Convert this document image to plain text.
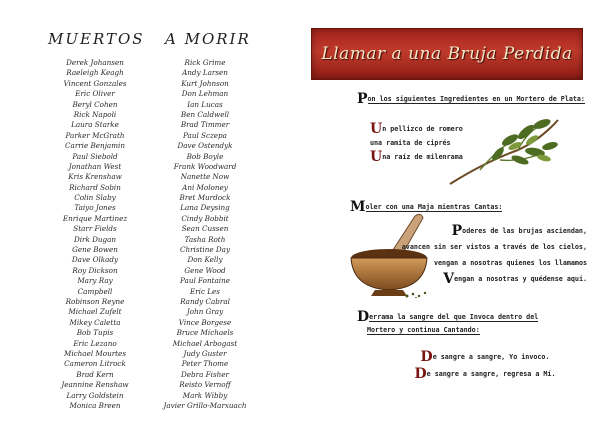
MUERTOS A MORIR
Derek Johansen
Raeleigh Keagh
Vincent Gonzales
Eric Oliver
Beryl Cohen
Rick Napoli
Laura Starke
Parker McGrath
Carrie Benjamin
Paul Siebold
Jonathan West
Kris Krenshaw
Richard Sobin
Colin Slaby
Taiyo Jones
Enrique Martinez
Starr Fields
Dirk Dugan
Gene Bowen
Dave Olkady
Roy Dickson
Mary Ray
Campbell
Robinson Reyne
Michael Zufelt
Mikey Caletta
Bob Tupis
Eric Lezano
Michael Mourtes
Cameron Litrock
Brad Kern
Jeannine Renshaw
Larry Goldstein
Monica Breen
Rick Grime
Andy Larsen
Kurt Johnson
Don Lehman
Ian Lucas
Ben Caldwell
Brad Timmer
Paul Sczepa
Dave Ostendyk
Bob Boyle
Frank Woodward
Nanette Now
Ani Moloney
Bret Murdock
Lana Deysing
Cindy Bobbit
Sean Cussen
Tasha Roth
Christine Day
Don Kelly
Gene Wood
Paul Fontaine
Eric Les
Randy Cabral
John Gray
Vince Borgese
Bruce Michaels
Michael Arbogast
Judy Guster
Peter Thome
Debra Fisher
Reisto Vernoff
Mark Wibby
Javier Grillo-Marxuach
Llamar a una Bruja Perdida
Pon los siguientes Ingredientes en un Mortero de Plata:
Un pellizco de romero
una ramita de ciprés
Una raíz de milenrama
Moler con una Maja mientras Cantas:
Poderes de las brujas asciendan,
avancen sin ser vistos a través de los cielos,
vengan a nosotras quienes los llamamos
Vengan a nosotras y quédense aquí.
Derrama la sangre del que Invoca dentro del
Mortero y continua Cantando:
De sangre a sangre, Yo invoco.
De sangre a sangre, regresa a Mí.
